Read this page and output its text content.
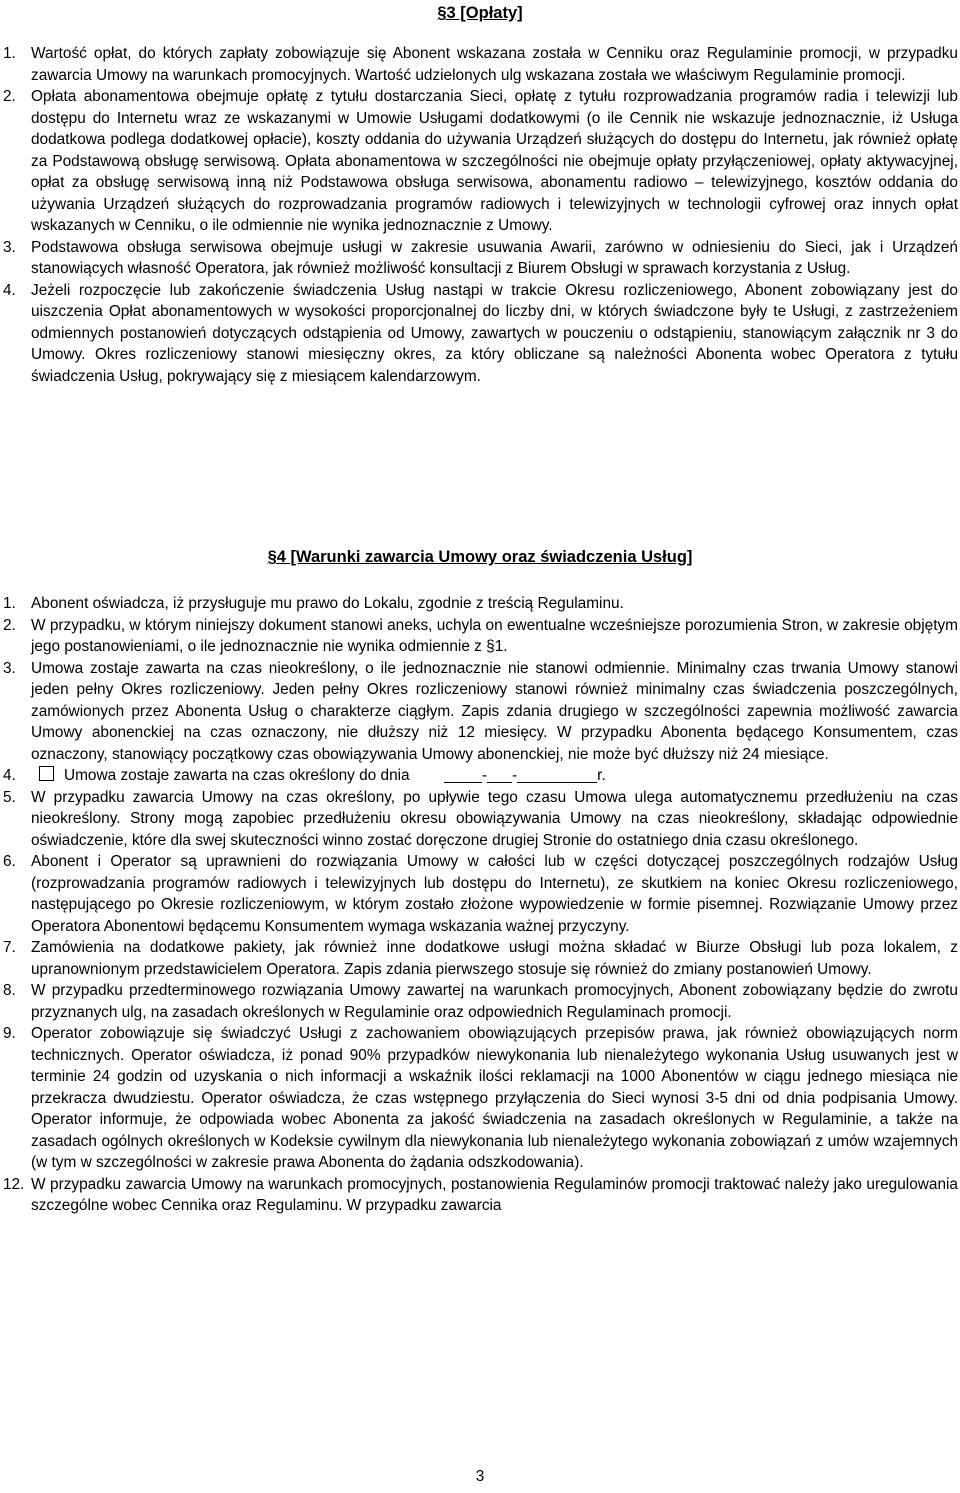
§3 [Opłaty]
1. Wartość opłat, do których zapłaty zobowiązuje się Abonent wskazana została w Cenniku oraz Regulaminie promocji, w przypadku zawarcia Umowy na warunkach promocyjnych. Wartość udzielonych ulg wskazana została we właściwym Regulaminie promocji.
2. Opłata abonamentowa obejmuje opłatę z tytułu dostarczania Sieci, opłatę z tytułu rozprowadzania programów radia i telewizji lub dostępu do Internetu wraz ze wskazanymi w Umowie Usługami dodatkowymi (o ile Cennik nie wskazuje jednoznacznie, iż Usługa dodatkowa podlega dodatkowej opłacie), koszty oddania do używania Urządzeń służących do dostępu do Internetu, jak również opłatę za Podstawową obsługę serwisową. Opłata abonamentowa w szczególności nie obejmuje opłaty przyłączeniowej, opłaty aktywacyjnej, opłat za obsługę serwisową inną niż Podstawowa obsługa serwisowa, abonamentu radiowo – telewizyjnego, kosztów oddania do używania Urządzeń służących do rozprowadzania programów radiowych i telewizyjnych w technologii cyfrowej oraz innych opłat wskazanych w Cenniku, o ile odmiennie nie wynika jednoznacznie z Umowy.
3. Podstawowa obsługa serwisowa obejmuje usługi w zakresie usuwania Awarii, zarówno w odniesieniu do Sieci, jak i Urządzeń stanowiących własność Operatora, jak również możliwość konsultacji z Biurem Obsługi w sprawach korzystania z Usług.
4. Jeżeli rozpoczęcie lub zakończenie świadczenia Usług nastąpi w trakcie Okresu rozliczeniowego, Abonent zobowiązany jest do uiszczenia Opłat abonamentowych w wysokości proporcjonalnej do liczby dni, w których świadczone były te Usługi, z zastrzeżeniem odmiennych postanowień dotyczących odstąpienia od Umowy, zawartych w pouczeniu o odstąpieniu, stanowiącym załącznik nr 3 do Umowy. Okres rozliczeniowy stanowi miesięczny okres, za który obliczane są należności Abonenta wobec Operatora z tytułu świadczenia Usług, pokrywający się z miesiącem kalendarzowym.
§4 [Warunki zawarcia Umowy oraz świadczenia Usług]
1. Abonent oświadcza, iż przysługuje mu prawo do Lokalu, zgodnie z treścią Regulaminu.
2. W przypadku, w którym niniejszy dokument stanowi aneks, uchyla on ewentualne wcześniejsze porozumienia Stron, w zakresie objętym jego postanowieniami, o ile jednoznacznie nie wynika odmiennie z §1.
3. Umowa zostaje zawarta na czas nieokreślony, o ile jednoznacznie nie stanowi odmiennie. Minimalny czas trwania Umowy stanowi jeden pełny Okres rozliczeniowy. Jeden pełny Okres rozliczeniowy stanowi również minimalny czas świadczenia poszczególnych, zamówionych przez Abonenta Usług o charakterze ciągłym. Zapis zdania drugiego w szczególności zapewnia możliwość zawarcia Umowy abonenckiej na czas oznaczony, nie dłuższy niż 12 miesięcy. W przypadku Abonenta będącego Konsumentem, czas oznaczony, stanowiący początkowy czas obowiązywania Umowy abonenckiej, nie może być dłuższy niż 24 miesiące.
4.	Umowa zostaje zawarta na czas określony do dnia	- -	r.
5. W przypadku zawarcia Umowy na czas określony, po upływie tego czasu Umowa ulega automatycznemu przedłużeniu na czas nieokreślony. Strony mogą zapobiec przedłużeniu okresu obowiązywania Umowy na czas nieokreślony, składając odpowiednie oświadczenie, które dla swej skuteczności winno zostać doręczone drugiej Stronie do ostatniego dnia czasu określonego.
6. Abonent i Operator są uprawnieni do rozwiązania Umowy w całości lub w części dotyczącej poszczególnych rodzajów Usług (rozprowadzania programów radiowych i telewizyjnych lub dostępu do Internetu), ze skutkiem na koniec Okresu rozliczeniowego, następującego po Okresie rozliczeniowym, w którym zostało złożone wypowiedzenie w formie pisemnej. Rozwiązanie Umowy przez Operatora Abonentowi będącemu Konsumentem wymaga wskazania ważnej przyczyny.
7. Zamówienia na dodatkowe pakiety, jak również inne dodatkowe usługi można składać w Biurze Obsługi lub poza lokalem, z upranownionym przedstawicielem Operatora. Zapis zdania pierwszego stosuje się również do zmiany postanowień Umowy.
8. W przypadku przedterminowego rozwiązania Umowy zawartej na warunkach promocyjnych, Abonent zobowiązany będzie do zwrotu przyznanych ulg, na zasadach określonych w Regulaminie oraz odpowiednich Regulaminach promocji.
9. Operator zobowiązuje się świadczyć Usługi z zachowaniem obowiązujących przepisów prawa, jak również obowiązujących norm technicznych. Operator oświadcza, iż ponad 90% przypadków niewykonania lub nienależytego wykonania Usług usuwanych jest w terminie 24 godzin od uzyskania o nich informacji a wskaźnik ilości reklamacji na 1000 Abonentów w ciągu jednego miesiąca nie przekracza dwudziestu. Operator oświadcza, że czas wstępnego przyłączenia do Sieci wynosi 3-5 dni od dnia podpisania Umowy. Operator informuje, że odpowiada wobec Abonenta za jakość świadczenia na zasadach określonych w Regulaminie, a także na zasadach ogólnych określonych w Kodeksie cywilnym dla niewykonania lub nienależytego wykonania zobowiązań z umów wzajemnych (w tym w szczególności w zakresie prawa Abonenta do żądania odszkodowania).
12. W przypadku zawarcia Umowy na warunkach promocyjnych, postanowienia Regulaminów promocji traktować należy jako uregulowania szczególne wobec Cennika oraz Regulaminu. W przypadku zawarcia
3
